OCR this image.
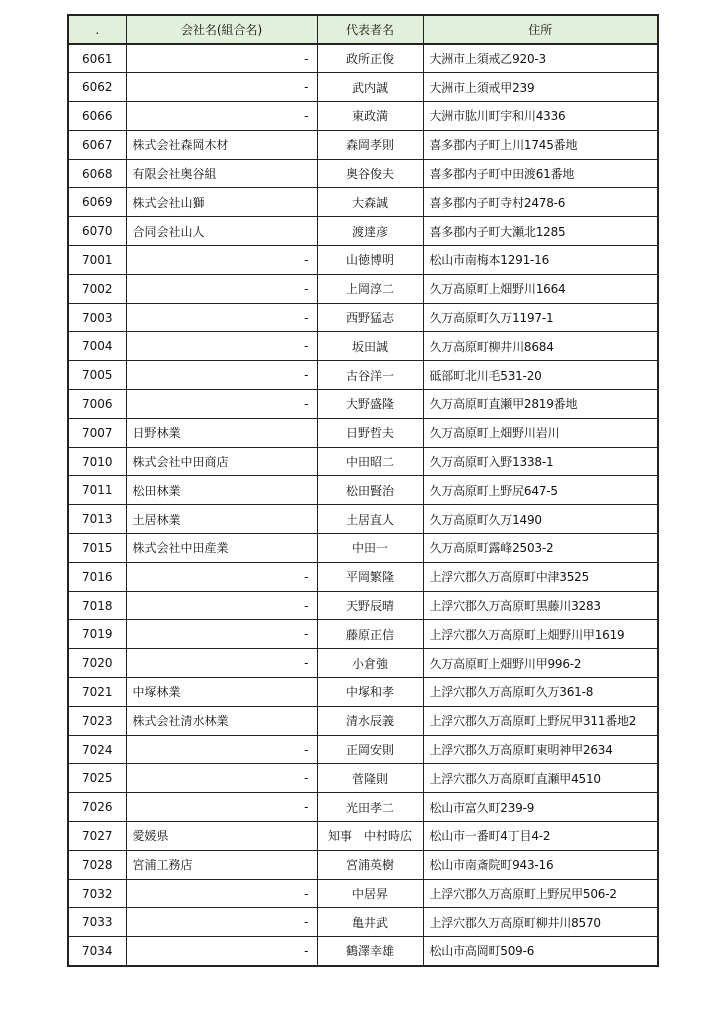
.	会社名(組合名)	代表者名	住所
6061	-	政所正俊	大洲市上須戒乙920-3
6062	-	武内誠	大洲市上須戒甲239
6066	-	東政満	大洲市肱川町宇和川4336
6067	株式会社森岡木材	森岡孝則	喜多郡内子町上川1745番地
6068	有限会社奥谷組	奥谷俊夫	喜多郡内子町中田渡61番地
6069	株式会社山獅	大森誠	喜多郡内子町寺村2478-6
6070	合同会社山人	渡達彦	喜多郡内子町大瀬北1285
7001	-	山徳博明	松山市南梅本1291-16
7002	-	上岡淳二	久万高原町上畑野川1664
7003	-	西野猛志	久万高原町久万1197-1
7004	-	坂田誠	久万高原町柳井川8684
7005	-	古谷洋一	砥部町北川毛531-20
7006	-	大野盛隆	久万高原町直瀬甲2819番地
7007	日野林業	日野哲夫	久万高原町上畑野川岩川
7010	株式会社中田商店	中田昭二	久万高原町入野1338-1
7011	松田林業	松田賢治	久万高原町上野尻647-5
7013	土居林業	土居直人	久万高原町久万1490
7015	株式会社中田産業	中田一	久万高原町露峰2503-2
7016	-	平岡繁隆	上浮穴郡久万高原町中津3525
7018	-	天野辰晴	上浮穴郡久万高原町黒藤川3283
7019	-	藤原正信	上浮穴郡久万高原町上畑野川甲1619
7020	-	小倉強	久万高原町上畑野川甲996-2
7021	中塚林業	中塚和孝	上浮穴郡久万高原町久万361-8
7023	株式会社清水林業	清水辰義	上浮穴郡久万高原町上野尻甲311番地2
7024	-	正岡安則	上浮穴郡久万高原町東明神甲2634
7025	-	菅隆則	上浮穴郡久万高原町直瀬甲4510
7026	-	光田孝二	松山市富久町239-9
7027	愛媛県	知事　中村時広	松山市一番町4丁目4-2
7028	宮浦工務店	宮浦英樹	松山市南斎院町943-16
7032	-	中居昇	上浮穴郡久万高原町上野尻甲506-2
7033	-	亀井武	上浮穴郡久万高原町柳井川8570
7034	-	鶴澤幸雄	松山市高岡町509-6
